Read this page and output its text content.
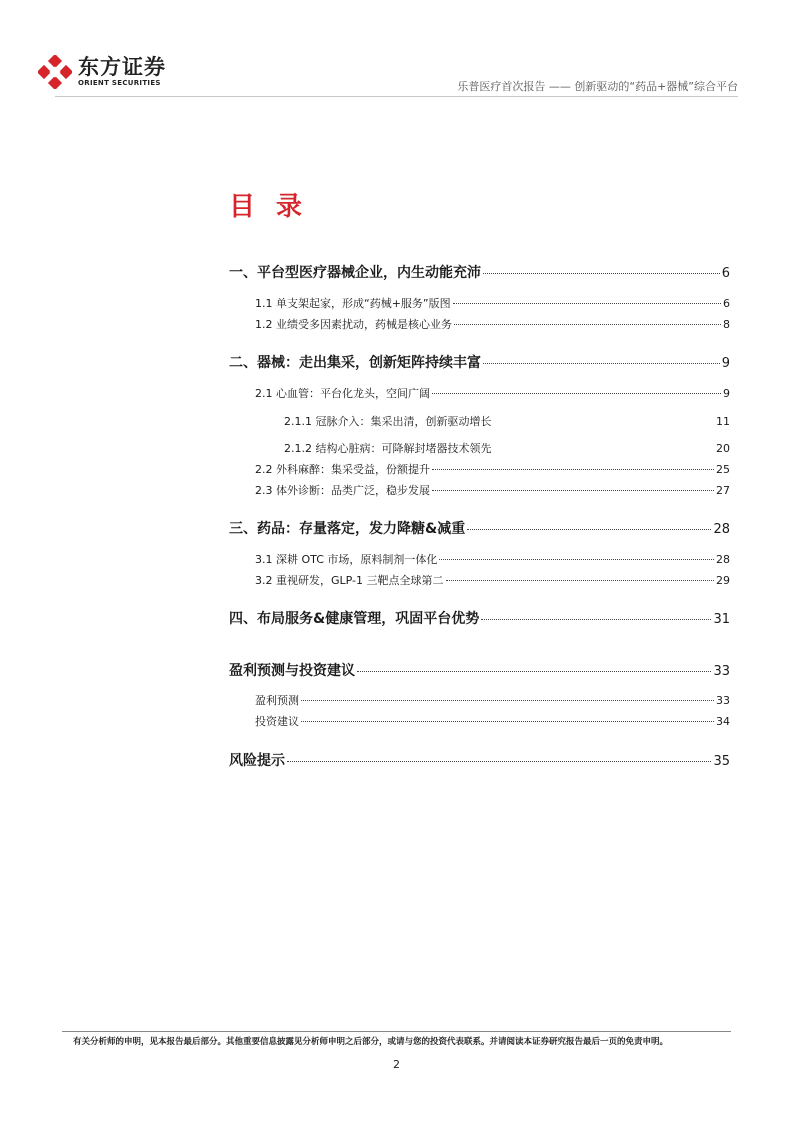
东方证券
ORIENT SECURITIES	乐普医疗首次报告 —— 创新驱动的“药品+器械”综合平台
目 录
一、平台型医疗器械企业，内生动能充沛	6
1.1 单支架起家，形成“药械+服务”版图	6
1.2 业绩受多因素扰动，药械是核心业务	8
二、器械：走出集采，创新矩阵持续丰富	9
2.1 心血管：平台化龙头，空间广阔	9
2.1.1 冠脉介入：集采出清，创新驱动增长	11
2.1.2 结构心脏病：可降解封堵器技术领先	20
2.2 外科麻醉：集采受益，份额提升	25
2.3 体外诊断：品类广泛，稳步发展	27
三、药品：存量落定，发力降糖&减重	28
3.1 深耕 OTC 市场，原料制剂一体化	28
3.2 重视研发，GLP-1 三靶点全球第二	29
四、布局服务&健康管理，巩固平台优势	31
盈利预测与投资建议	33
盈利预测	33
投资建议	34
风险提示	35
有关分析师的申明，见本报告最后部分。其他重要信息披露见分析师申明之后部分，或请与您的投资代表联系。并请阅读本证券研究报告最后一页的免责申明。
2
